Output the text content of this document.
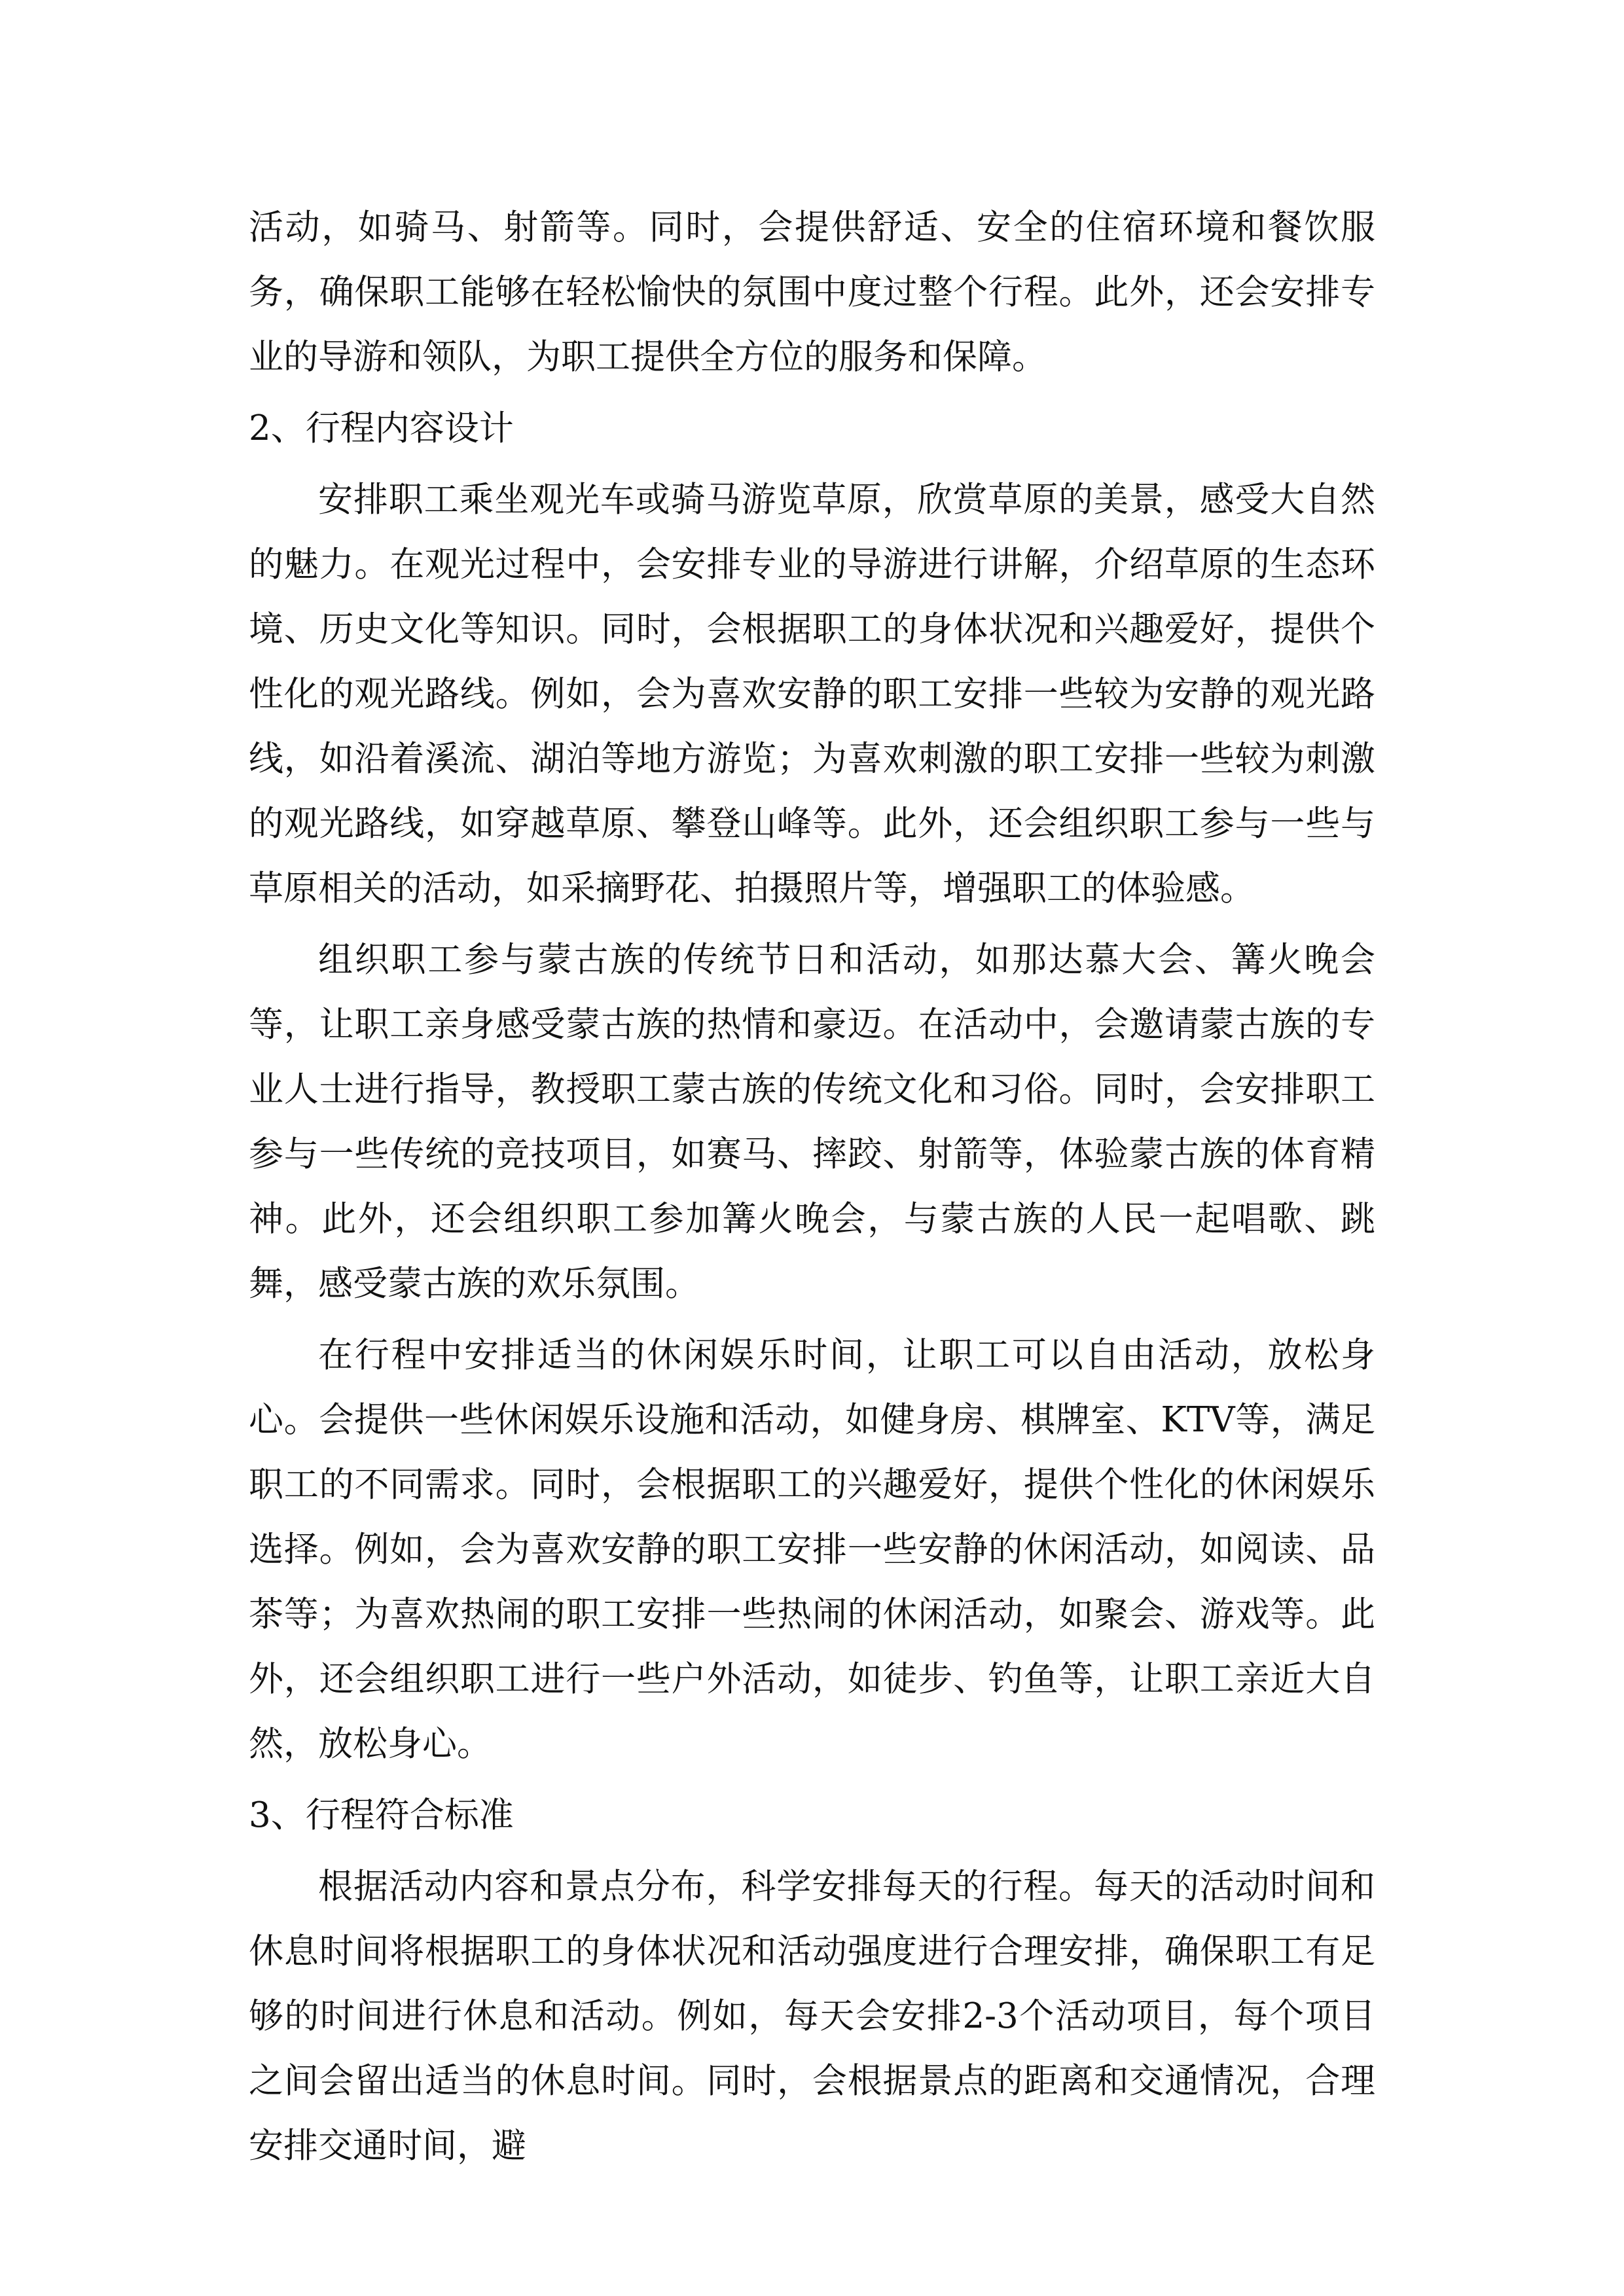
活动，如骑马、射箭等。同时，会提供舒适、安全的住宿环境和餐饮服务，确保职工能够在轻松愉快的氛围中度过整个行程。此外，还会安排专业的导游和领队，为职工提供全方位的服务和保障。

2、行程内容设计

安排职工乘坐观光车或骑马游览草原，欣赏草原的美景，感受大自然的魅力。在观光过程中，会安排专业的导游进行讲解，介绍草原的生态环境、历史文化等知识。同时，会根据职工的身体状况和兴趣爱好，提供个性化的观光路线。例如，会为喜欢安静的职工安排一些较为安静的观光路线，如沿着溪流、湖泊等地方游览；为喜欢刺激的职工安排一些较为刺激的观光路线，如穿越草原、攀登山峰等。此外，还会组织职工参与一些与草原相关的活动，如采摘野花、拍摄照片等，增强职工的体验感。

组织职工参与蒙古族的传统节日和活动，如那达慕大会、篝火晚会等，让职工亲身感受蒙古族的热情和豪迈。在活动中，会邀请蒙古族的专业人士进行指导，教授职工蒙古族的传统文化和习俗。同时，会安排职工参与一些传统的竞技项目，如赛马、摔跤、射箭等，体验蒙古族的体育精神。此外，还会组织职工参加篝火晚会，与蒙古族的人民一起唱歌、跳舞，感受蒙古族的欢乐氛围。

在行程中安排适当的休闲娱乐时间，让职工可以自由活动，放松身心。会提供一些休闲娱乐设施和活动，如健身房、棋牌室、KTV等，满足职工的不同需求。同时，会根据职工的兴趣爱好，提供个性化的休闲娱乐选择。例如，会为喜欢安静的职工安排一些安静的休闲活动，如阅读、品茶等；为喜欢热闹的职工安排一些热闹的休闲活动，如聚会、游戏等。此外，还会组织职工进行一些户外活动，如徒步、钓鱼等，让职工亲近大自然，放松身心。

3、行程符合标准

根据活动内容和景点分布，科学安排每天的行程。每天的活动时间和休息时间将根据职工的身体状况和活动强度进行合理安排，确保职工有足够的时间进行休息和活动。例如，每天会安排2-3个活动项目，每个项目之间会留出适当的休息时间。同时，会根据景点的距离和交通情况，合理安排交通时间，避
